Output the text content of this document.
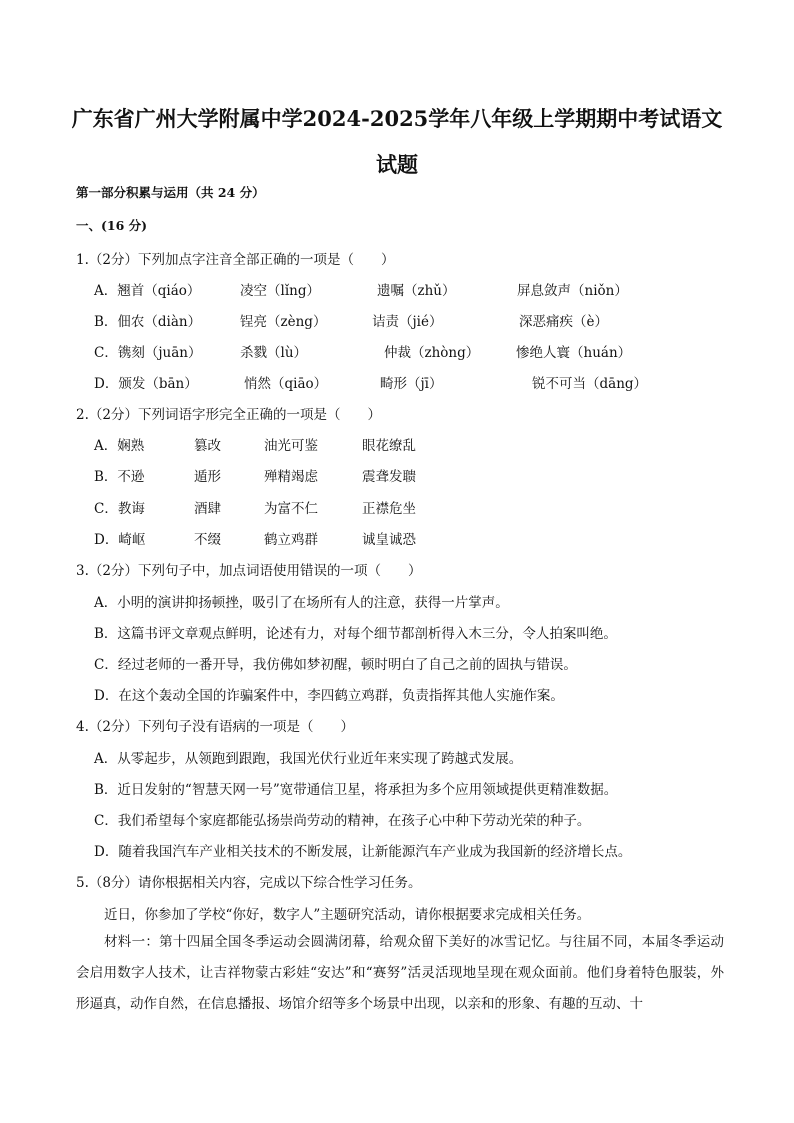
广东省广州大学附属中学2024-2025学年八年级上学期期中考试语文
试题
第一部分积累与运用（共 24 分）
一、(16 分)
1.（2分）下列加点字注音全部正确的一项是（　　）
A．翘首（qiáo）	凌空（lǐng）	遗嘱（zhǔ）	屏息敛声（niǒn）
B．佃农（diàn）	锃亮（zèng）	诘责（jié）	深恶痛疾（è）
C．镌刻（juān）	杀戮（lù）	仲裁（zhòng）	惨绝人寰（huán）
D．颁发（bān）	悄然（qiāo）	畸形（jī）	锐不可当（dāng）
2.（2分）下列词语字形完全正确的一项是（　　）
A．娴熟	篡改	油光可鉴	眼花缭乱
B．不逊	遁形	殚精竭虑	震聋发聩
C．教诲	酒肆	为富不仁	正襟危坐
D．崎岖	不缀	鹤立鸡群	诚皇诚恐
3.（2分）下列句子中，加点词语使用错误的一项（　　）
A．小明的演讲抑扬顿挫，吸引了在场所有人的注意，获得一片掌声。
B．这篇书评文章观点鲜明，论述有力，对每个细节都剖析得入木三分，令人拍案叫绝。
C．经过老师的一番开导，我仿佛如梦初醒，顿时明白了自己之前的固执与错误。
D．在这个轰动全国的诈骗案件中，李四鹤立鸡群，负责指挥其他人实施作案。
4.（2分）下列句子没有语病的一项是（　　）
A．从零起步，从领跑到跟跑，我国光伏行业近年来实现了跨越式发展。
B．近日发射的“智慧天网一号”宽带通信卫星，将承担为多个应用领域提供更精准数据。
C．我们希望每个家庭都能弘扬崇尚劳动的精神，在孩子心中种下劳动光荣的种子。
D．随着我国汽车产业相关技术的不断发展，让新能源汽车产业成为我国新的经济增长点。
5.（8分）请你根据相关内容，完成以下综合性学习任务。
近日，你参加了学校“你好，数字人”主题研究活动，请你根据要求完成相关任务。
材料一：第十四届全国冬季运动会圆满闭幕，给观众留下美好的冰雪记忆。与往届不同，本届冬季运动会启用数字人技术，让吉祥物蒙古彩娃“安达”和“赛努”活灵活现地呈现在观众面前。他们身着特色服装，外形逼真，动作自然，在信息播报、场馆介绍等多个场景中出现，以亲和的形象、有趣的互动、十
